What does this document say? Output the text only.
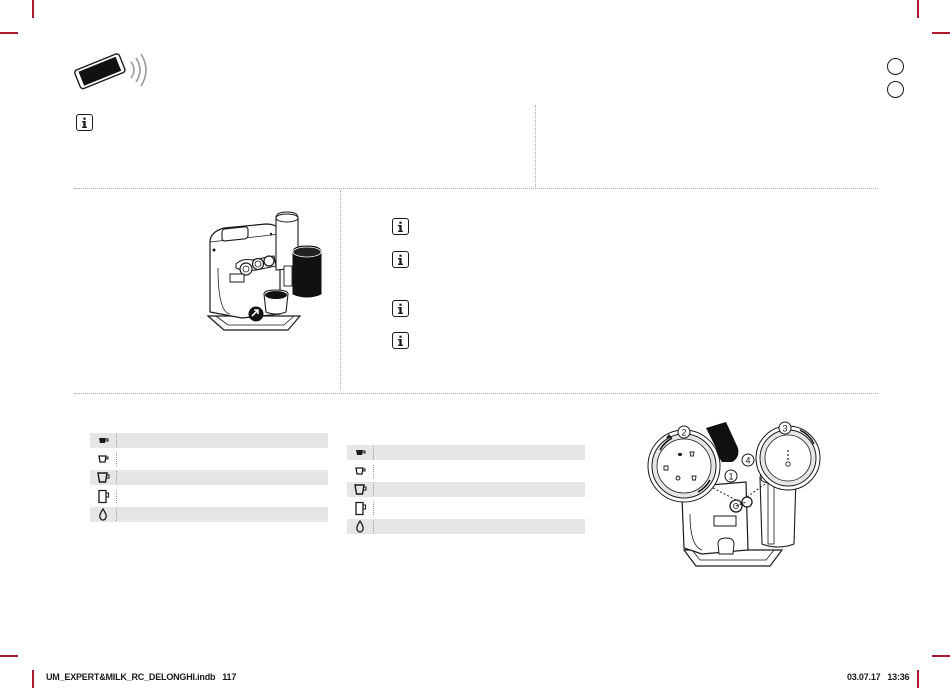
2
1
4
3
UM_EXPERT&MILK_RC_DELONGHI.indb 117	03.07.17 13:36
